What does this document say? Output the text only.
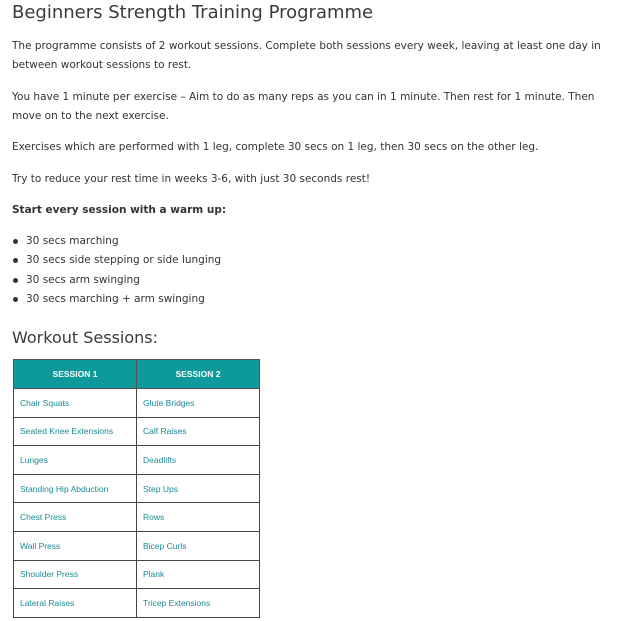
Beginners Strength Training Programme

The programme consists of 2 workout sessions. Complete both sessions every week, leaving at least one day in between workout sessions to rest.

You have 1 minute per exercise – Aim to do as many reps as you can in 1 minute. Then rest for 1 minute. Then move on to the next exercise.

Exercises which are performed with 1 leg, complete 30 secs on 1 leg, then 30 secs on the other leg.

Try to reduce your rest time in weeks 3-6, with just 30 seconds rest!

Start every session with a warm up:

30 secs marching
30 secs side stepping or side lunging
30 secs arm swinging
30 secs marching + arm swinging
Workout Sessions:
SESSION 1	SESSION 2
Chair Squats	Glute Bridges
Seated Knee Extensions	Calf Raises
Lunges	Deadlifts
Standing Hip Abduction	Step Ups
Chest Press	Rows
Wall Press	Bicep Curls
Shoulder Press	Plank
Lateral Raises	Tricep Extensions
